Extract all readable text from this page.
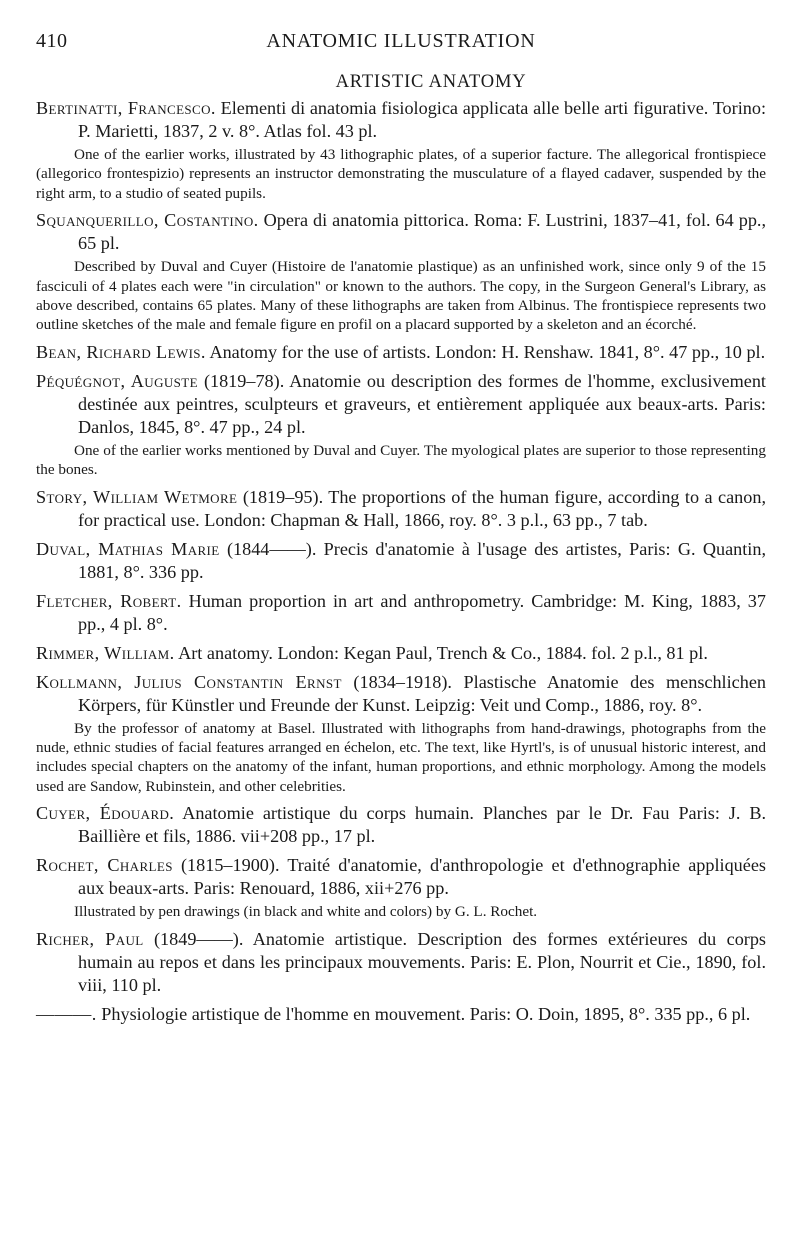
410	ANATOMIC ILLUSTRATION
ARTISTIC ANATOMY

Bertinatti, Francesco. Elementi di anatomia fisiologica applicata alle belle arti figurative. Torino: P. Marietti, 1837, 2 v. 8°. Atlas fol. 43 pl.

One of the earlier works, illustrated by 43 lithographic plates, of a superior facture. The allegorical frontispiece (allegorico frontespizio) represents an instructor demonstrating the musculature of a flayed cadaver, suspended by the right arm, to a studio of seated pupils.

Squanquerillo, Costantino. Opera di anatomia pittorica. Roma: F. Lustrini, 1837–41, fol. 64 pp., 65 pl.

Described by Duval and Cuyer (Histoire de l'anatomie plastique) as an unfinished work, since only 9 of the 15 fasciculi of 4 plates each were "in circulation" or known to the authors. The copy, in the Surgeon General's Library, as above described, contains 65 plates. Many of these lithographs are taken from Albinus. The frontispiece represents two outline sketches of the male and female figure en profil on a placard supported by a skeleton and an écorché.

Bean, Richard Lewis. Anatomy for the use of artists. London: H. Renshaw. 1841, 8°. 47 pp., 10 pl.

Péquégnot, Auguste (1819–78). Anatomie ou description des formes de l'homme, exclusivement destinée aux peintres, sculpteurs et graveurs, et entièrement appliquée aux beaux-arts. Paris: Danlos, 1845, 8°. 47 pp., 24 pl.

One of the earlier works mentioned by Duval and Cuyer. The myological plates are superior to those representing the bones.

Story, William Wetmore (1819–95). The proportions of the human figure, according to a canon, for practical use. London: Chapman & Hall, 1866, roy. 8°. 3 p.l., 63 pp., 7 tab.

Duval, Mathias Marie (1844——). Precis d'anatomie à l'usage des artistes, Paris: G. Quantin, 1881, 8°. 336 pp.

Fletcher, Robert. Human proportion in art and anthropometry. Cambridge: M. King, 1883, 37 pp., 4 pl. 8°.

Rimmer, William. Art anatomy. London: Kegan Paul, Trench & Co., 1884. fol. 2 p.l., 81 pl.

Kollmann, Julius Constantin Ernst (1834–1918). Plastische Anatomie des menschlichen Körpers, für Künstler und Freunde der Kunst. Leipzig: Veit und Comp., 1886, roy. 8°.

By the professor of anatomy at Basel. Illustrated with lithographs from hand-drawings, photographs from the nude, ethnic studies of facial features arranged en échelon, etc. The text, like Hyrtl's, is of unusual historic interest, and includes special chapters on the anatomy of the infant, human proportions, and ethnic morphology. Among the models used are Sandow, Rubinstein, and other celebrities.

Cuyer, Édouard. Anatomie artistique du corps humain. Planches par le Dr. Fau Paris: J. B. Baillière et fils, 1886. vii+208 pp., 17 pl.

Rochet, Charles (1815–1900). Traité d'anatomie, d'anthropologie et d'ethnographie appliquées aux beaux-arts. Paris: Renouard, 1886, xii+276 pp.

Illustrated by pen drawings (in black and white and colors) by G. L. Rochet.

Richer, Paul (1849——). Anatomie artistique. Description des formes extérieures du corps humain au repos et dans les principaux mouvements. Paris: E. Plon, Nourrit et Cie., 1890, fol. viii, 110 pl.

———. Physiologie artistique de l'homme en mouvement. Paris: O. Doin, 1895, 8°. 335 pp., 6 pl.
